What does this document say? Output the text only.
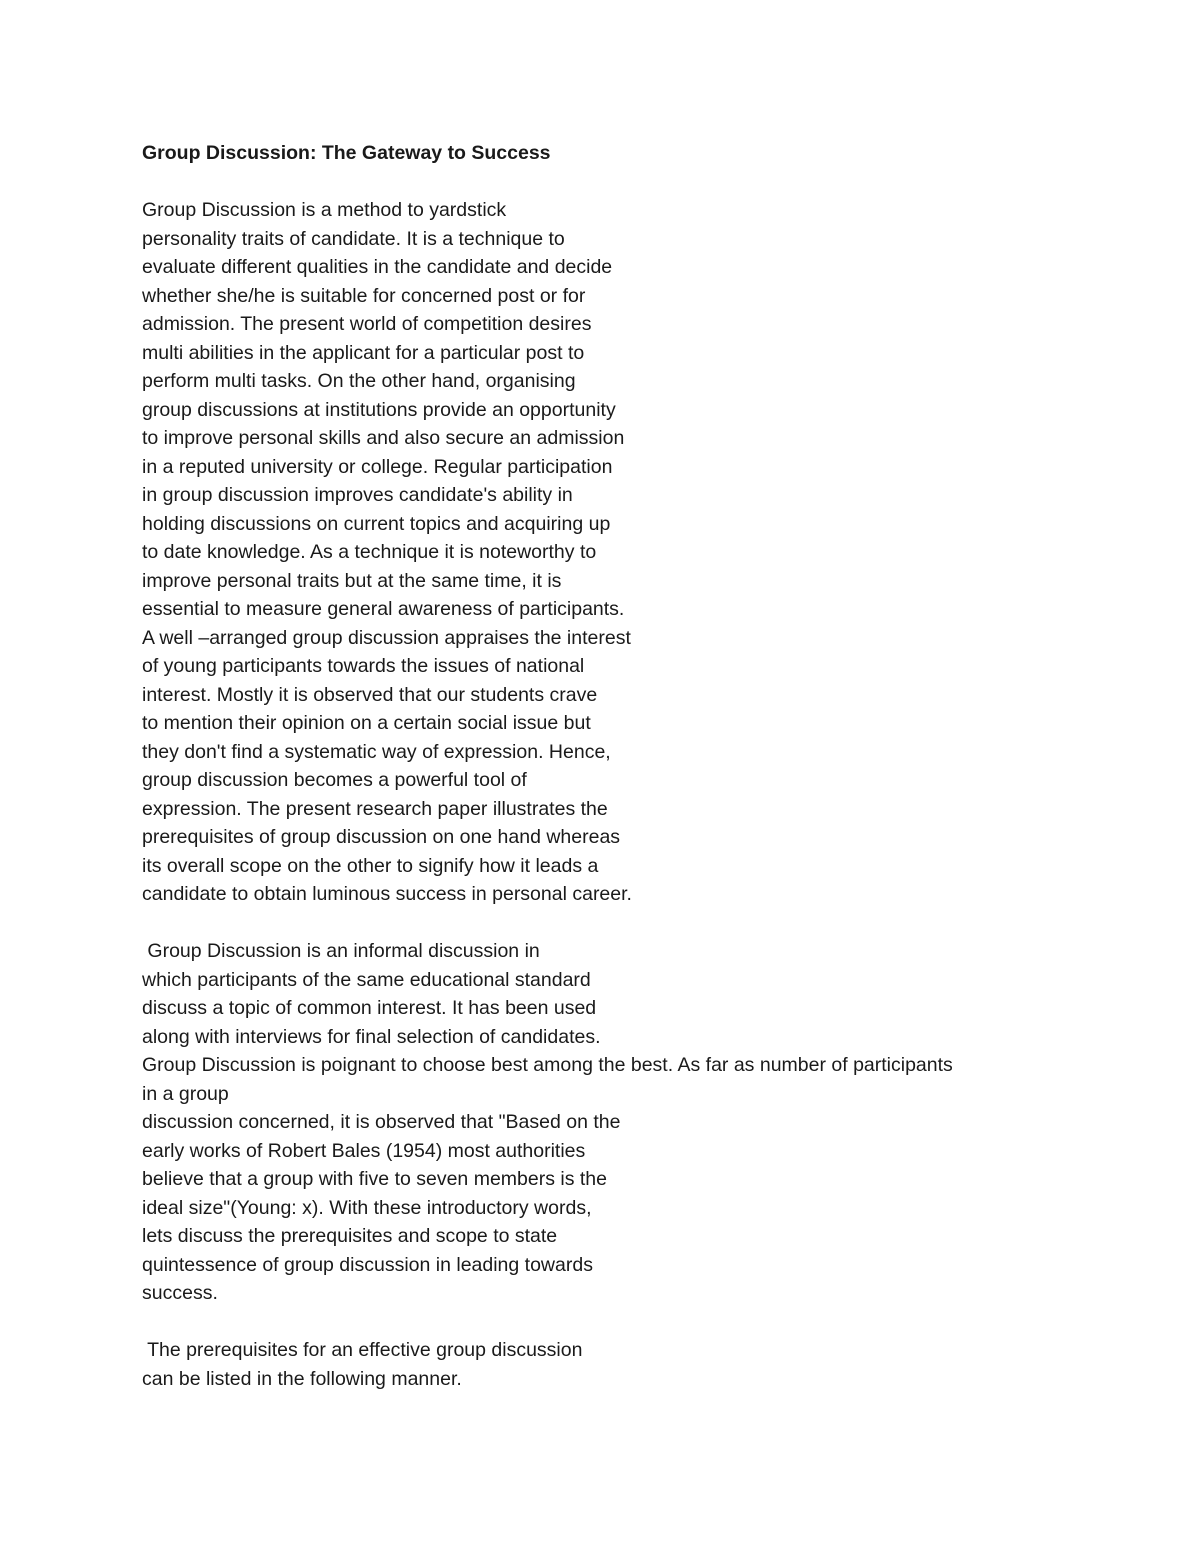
Group Discussion: The Gateway to Success
Group Discussion is a method to yardstick
personality traits of candidate. It is a technique to
evaluate different qualities in the candidate and decide
whether she/he is suitable for concerned post or for
admission. The present world of competition desires
multi abilities in the applicant for a particular post to
perform multi tasks. On the other hand, organising
group discussions at institutions provide an opportunity
to improve personal skills and also secure an admission
in a reputed university or college. Regular participation
in group discussion improves candidate's ability in
holding discussions on current topics and acquiring up
to date knowledge. As a technique it is noteworthy to
improve personal traits but at the same time, it is
essential to measure general awareness of participants.
A well –arranged group discussion appraises the interest
of young participants towards the issues of national
interest. Mostly it is observed that our students crave
to mention their opinion on a certain social issue but
they don't find a systematic way of expression. Hence,
group discussion becomes a powerful tool of
expression. The present research paper illustrates the
prerequisites of group discussion on one hand whereas
its overall scope on the other to signify how it leads a
candidate to obtain luminous success in personal career.
Group Discussion is an informal discussion in
which participants of the same educational standard
discuss a topic of common interest. It has been used
along with interviews for final selection of candidates.
Group Discussion is poignant to choose best among the best. As far as number of participants
in a group
discussion concerned, it is observed that "Based on the
early works of Robert Bales (1954) most authorities
believe that a group with five to seven members is the
ideal size"(Young: x). With these introductory words,
lets discuss the prerequisites and scope to state
quintessence of group discussion in leading towards
success.
The prerequisites for an effective group discussion
can be listed in the following manner.
